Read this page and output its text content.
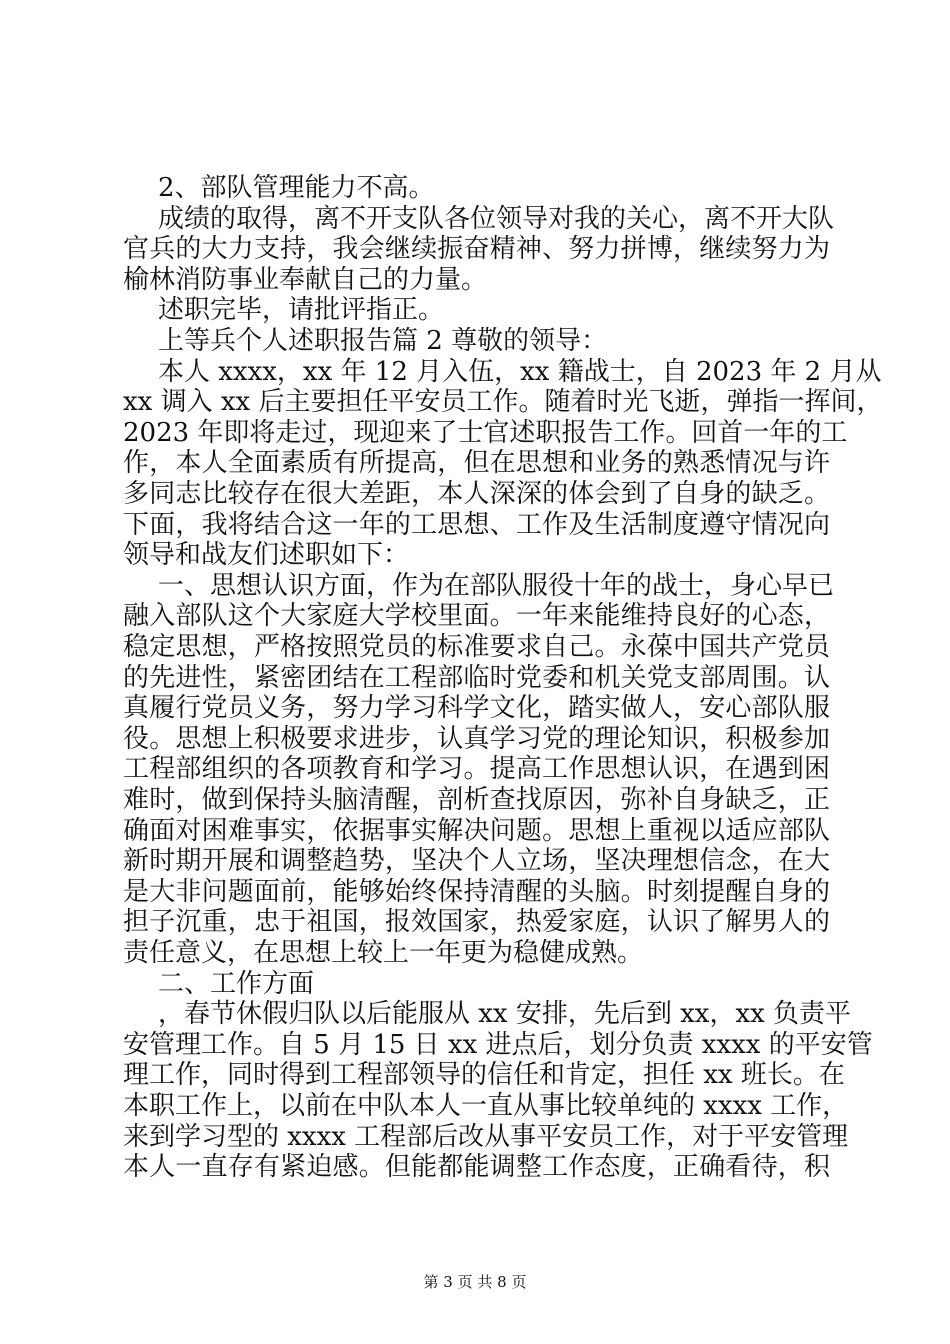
2、部队管理能力不高。
成绩的取得，离不开支队各位领导对我的关心，离不开大队
官兵的大力支持，我会继续振奋精神、努力拼博，继续努力为
榆林消防事业奉献自己的力量。
述职完毕，请批评指正。
上等兵个人述职报告篇 2 尊敬的领导：
本人 xxxx，xx 年 12 月入伍，xx 籍战士，自 2023 年 2 月从
xx 调入 xx 后主要担任平安员工作。随着时光飞逝，弹指一挥间，
2023 年即将走过，现迎来了士官述职报告工作。回首一年的工
作，本人全面素质有所提高，但在思想和业务的熟悉情况与许
多同志比较存在很大差距，本人深深的体会到了自身的缺乏。
下面，我将结合这一年的工思想、工作及生活制度遵守情况向
领导和战友们述职如下：
一、思想认识方面，作为在部队服役十年的战士，身心早已
融入部队这个大家庭大学校里面。一年来能维持良好的心态，
稳定思想，严格按照党员的标准要求自己。永葆中国共产党员
的先进性，紧密团结在工程部临时党委和机关党支部周围。认
真履行党员义务，努力学习科学文化，踏实做人，安心部队服
役。思想上积极要求进步，认真学习党的理论知识，积极参加
工程部组织的各项教育和学习。提高工作思想认识，在遇到困
难时，做到保持头脑清醒，剖析查找原因，弥补自身缺乏，正
确面对困难事实，依据事实解决问题。思想上重视以适应部队
新时期开展和调整趋势，坚决个人立场，坚决理想信念，在大
是大非问题面前，能够始终保持清醒的头脑。时刻提醒自身的
担子沉重，忠于祖国，报效国家，热爱家庭，认识了解男人的
责任意义，在思想上较上一年更为稳健成熟。
二、工作方面
，春节休假归队以后能服从 xx 安排，先后到 xx，xx 负责平
安管理工作。自 5 月 15 日 xx 进点后，划分负责 xxxx 的平安管
理工作，同时得到工程部领导的信任和肯定，担任 xx 班长。在
本职工作上，以前在中队本人一直从事比较单纯的 xxxx 工作，
来到学习型的 xxxx 工程部后改从事平安员工作，对于平安管理
本人一直存有紧迫感。但能都能调整工作态度，正确看待，积
第 3 页 共 8 页
